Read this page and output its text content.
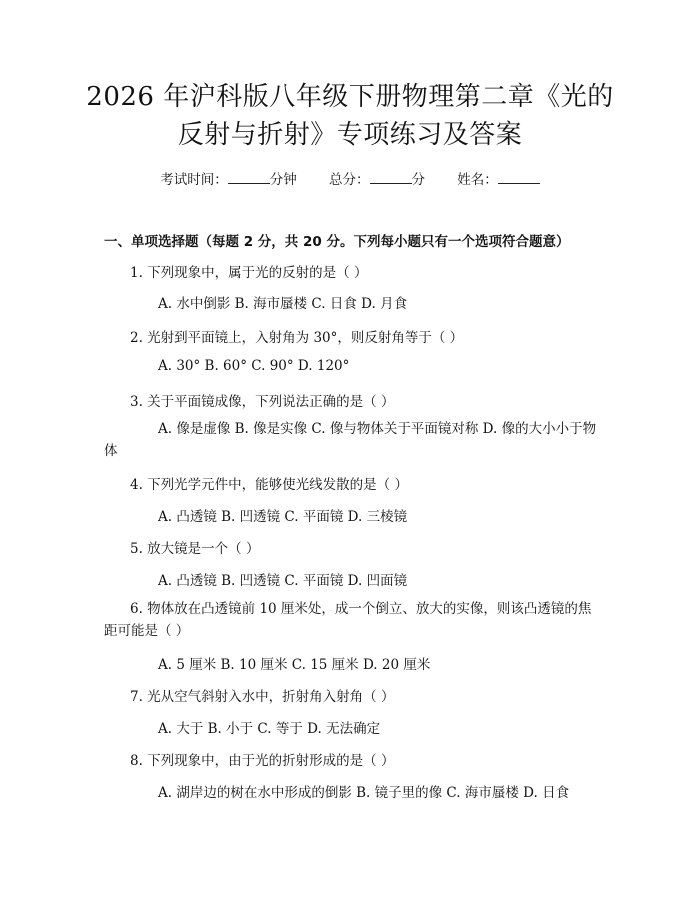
2026 年沪科版八年级下册物理第二章《光的
反射与折射》专项练习及答案
考试时间：	分钟 总分：	分 姓名：
一、单项选择题（每题 2 分，共 20 分。下列每小题只有一个选项符合题意）
1. 下列现象中，属于光的反射的是（ ）
A. 水中倒影 B. 海市蜃楼 C. 日食 D. 月食
2. 光射到平面镜上，入射角为 30°，则反射角等于（ ）
A. 30° B. 60° C. 90° D. 120°
3. 关于平面镜成像，下列说法正确的是（ ）
A. 像是虚像 B. 像是实像 C. 像与物体关于平面镜对称 D. 像的大小小于物体
4. 下列光学元件中，能够使光线发散的是（ ）
A. 凸透镜 B. 凹透镜 C. 平面镜 D. 三棱镜
5. 放大镜是一个（ ）
A. 凸透镜 B. 凹透镜 C. 平面镜 D. 凹面镜
6. 物体放在凸透镜前 10 厘米处，成一个倒立、放大的实像，则该凸透镜的焦距可能是（ ）
A. 5 厘米 B. 10 厘米 C. 15 厘米 D. 20 厘米
7. 光从空气斜射入水中，折射角入射角（ ）
A. 大于 B. 小于 C. 等于 D. 无法确定
8. 下列现象中，由于光的折射形成的是（ ）
A. 湖岸边的树在水中形成的倒影 B. 镜子里的像 C. 海市蜃楼 D. 日食
